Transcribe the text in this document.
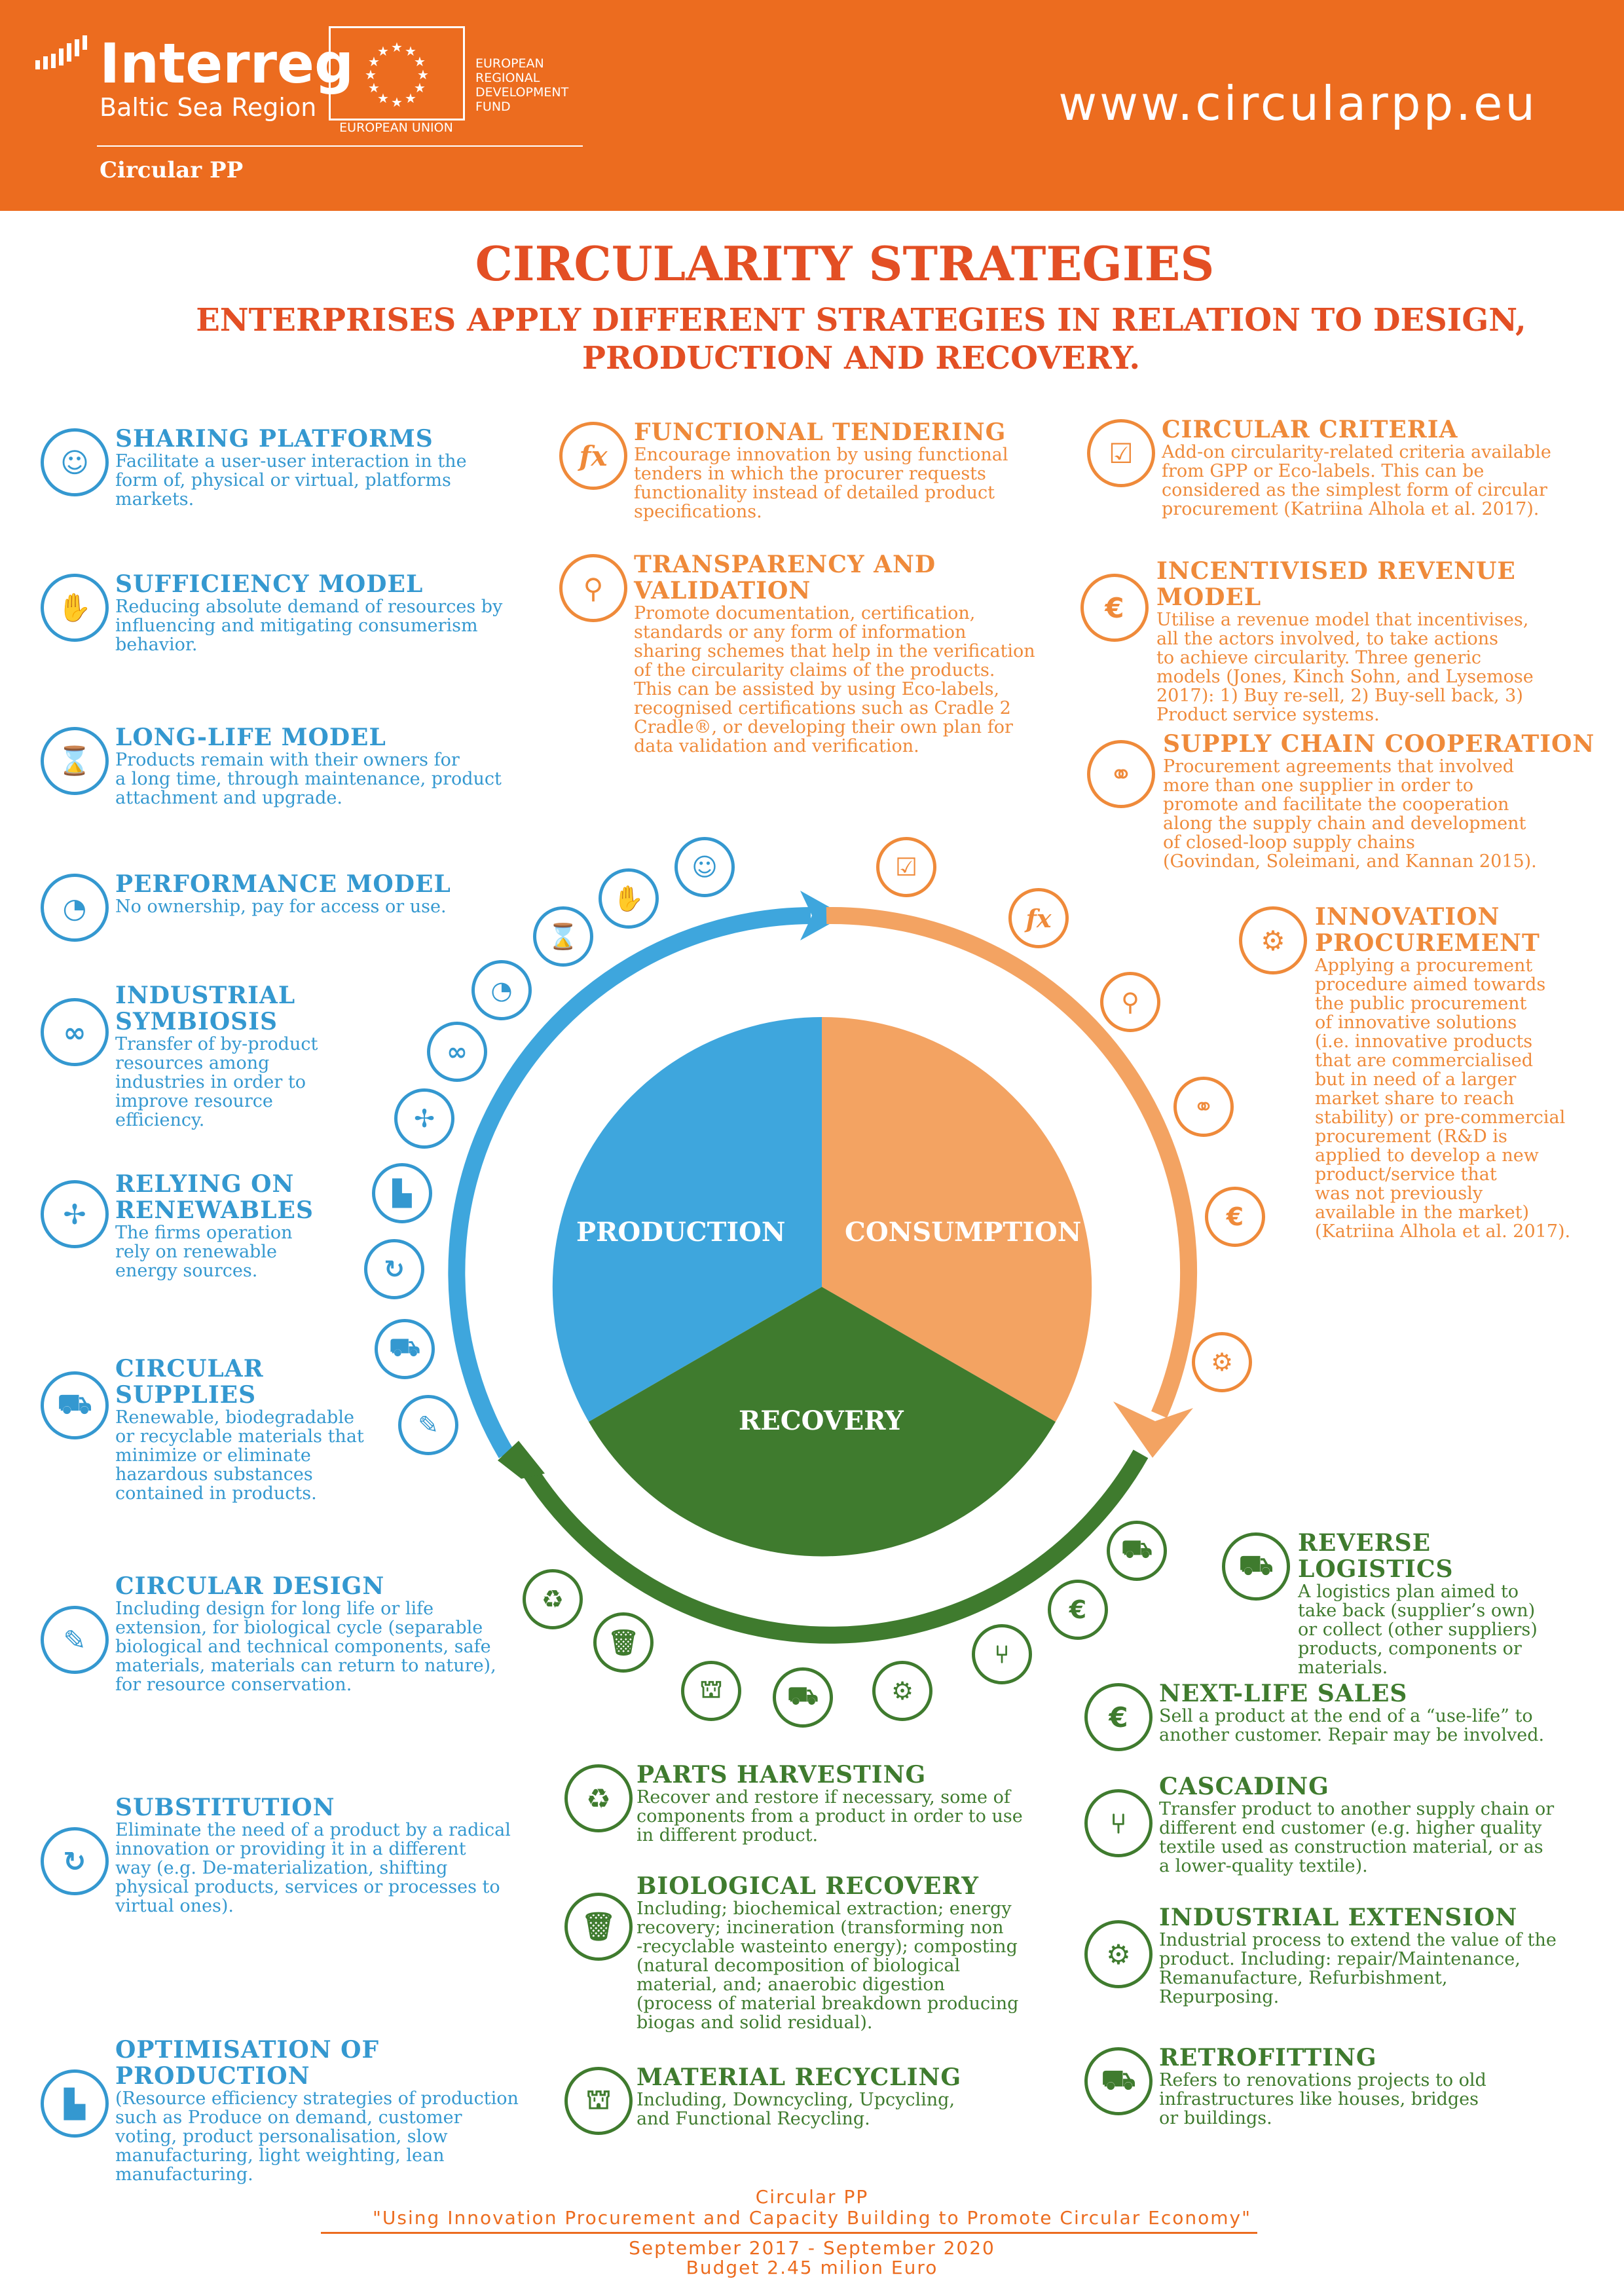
Interreg
Baltic Sea Region
★ ★
★
★
★
★
★
★
★
★
★
★
EUROPEAN UNION
EUROPEAN
REGIONAL
DEVELOPMENT
FUND
Circular PP
www.circularpp.eu
CIRCULARITY STRATEGIES
ENTERPRISES APPLY DIFFERENT STRATEGIES IN RELATION TO DESIGN,
PRODUCTION AND RECOVERY.
PRODUCTION CONSUMPTION
RECOVERY
☺
✋
⌛
◔
∞
✢
▙
↻
⛟
✎
☑
fx
⚲
⚭
€
⚙
⛟
€
⑂
⚙
⛟
⛫
🗑
♻
☺
SHARING PLATFORMS

Facilitate a user-user interaction in the

form of, physical or virtual, platforms

markets.

✋
SUFFICIENCY MODEL

Reducing absolute demand of resources by

influencing and mitigating consumerism

behavior.

⌛
LONG-LIFE MODEL

Products remain with their owners for

a long time, through maintenance, product

attachment and upgrade.

◔
PERFORMANCE MODEL

No ownership, pay for access or use.

∞
INDUSTRIAL
SYMBIOSIS

Transfer of by-product

resources among

industries in order to

improve resource

efficiency.

✢
RELYING ON
RENEWABLES

The firms operation

rely on renewable

energy sources.

⛟
CIRCULAR
SUPPLIES

Renewable, biodegradable

or recyclable materials that

minimize or eliminate

hazardous substances

contained in products.

✎
CIRCULAR DESIGN

Including design for long life or life

extension, for biological cycle (separable

biological and technical components, safe

materials, materials can return to nature),

for resource conservation.

↻
SUBSTITUTION

Eliminate the need of a product by a radical

innovation or providing it in a different

way (e.g. De-materialization, shifting

physical products, services or processes to

virtual ones).

▙
OPTIMISATION OF PRODUCTION

(Resource efficiency strategies of production

such as Produce on demand, customer

voting, product personalisation, slow

manufacturing, light weighting, lean

manufacturing.

fx
FUNCTIONAL TENDERING

Encourage innovation by using functional

tenders in which the procurer requests

functionality instead of detailed product

specifications.

⚲
TRANSPARENCY AND
VALIDATION

Promote documentation, certification,

standards or any form of information

sharing schemes that help in the verification

of the circularity claims of the products.

This can be assisted by using Eco-labels,

recognised certifications such as Cradle 2

Cradle®, or developing their own plan for

data validation and verification.

☑
CIRCULAR CRITERIA

Add-on circularity-related criteria available

from GPP or Eco-labels. This can be

considered as the simplest form of circular

procurement (Katriina Alhola et al. 2017).

€
INCENTIVISED REVENUE MODEL

Utilise a revenue model that incentivises,

all the actors involved, to take actions

to achieve circularity. Three generic

models (Jones, Kinch Sohn, and Lysemose

2017): 1) Buy re-sell, 2) Buy-sell back, 3)

Product service systems.

⚭
SUPPLY CHAIN COOPERATION

Procurement agreements that involved

more than one supplier in order to

promote and facilitate the cooperation

along the supply chain and development

of closed-loop supply chains

(Govindan, Soleimani, and Kannan 2015).

⚙
INNOVATION
PROCUREMENT

Applying a procurement

procedure aimed towards

the public procurement

of innovative solutions

(i.e. innovative products

that are commercialised

but in need of a larger

market share to reach

stability) or pre-commercial

procurement (R&D is

applied to develop a new

product/service that

was not previously

available in the market)

(Katriina Alhola et al. 2017).

⛟
REVERSE LOGISTICS

A logistics plan aimed to

take back (supplier’s own)

or collect (other suppliers)

products, components or

materials.

€
NEXT-LIFE SALES

Sell a product at the end of a “use-life” to

another customer. Repair may be involved.

⑂
CASCADING

Transfer product to another supply chain or

different end customer (e.g. higher quality

textile used as construction material, or as

a lower-quality textile).

⚙
INDUSTRIAL EXTENSION

Industrial process to extend the value of the

product. Including: repair/Maintenance,

Remanufacture, Refurbishment,

Repurposing.

⛟
RETROFITTING

Refers to renovations projects to old

infrastructures like houses, bridges

or buildings.

♻
PARTS HARVESTING

Recover and restore if necessary, some of

components from a product in order to use

in different product.

🗑
BIOLOGICAL RECOVERY

Including; biochemical extraction; energy

recovery; incineration (transforming non

-recyclable wasteinto energy); composting

(natural decomposition of biological

material, and; anaerobic digestion

(process of material breakdown producing

biogas and solid residual).

⛫
MATERIAL RECYCLING

Including, Downcycling, Upcycling,

and Functional Recycling.

Circular PP
"Using Innovation Procurement and Capacity Building to Promote Circular Economy"
September 2017 - September 2020
Budget 2.45 milion Euro
